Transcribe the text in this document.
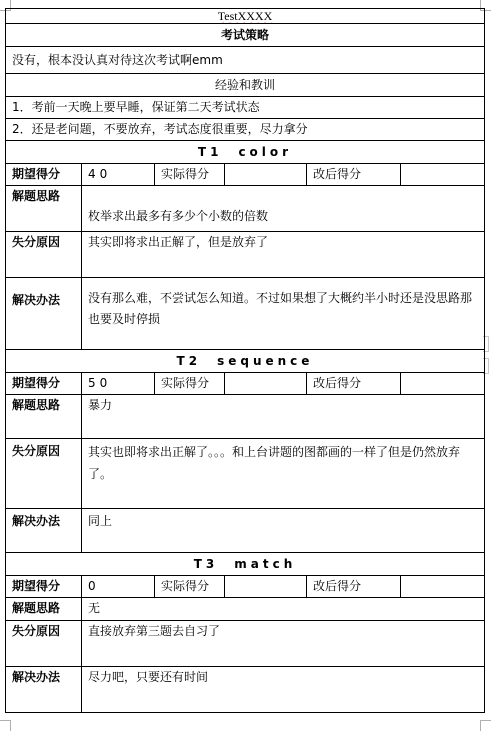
TestXXXX					
考试策略					
没有，根本没认真对待这次考试啊emm					
经验和教训					
1．考前一天晚上要早睡，保证第二天考试状态					
2．还是老问题，不要放弃，考试态度很重要，尽力拿分					
T1　color					
期望得分	40	实际得分		改后得分	
解题思路	枚举求出最多有多少个小数的倍数				
失分原因	其实即将求出正解了，但是放弃了				
解决办法	没有那么难，不尝试怎么知道。不过如果想了大概约半小时还是没思路那也要及时停损				
T2　sequence					
期望得分	50	实际得分		改后得分	
解题思路	暴力				
失分原因	其实也即将求出正解了。。。和上台讲题的图都画的一样了但是仍然放弃了。				
解决办法	同上				
T3　match					
期望得分	0	实际得分		改后得分	
解题思路	无				
失分原因	直接放弃第三题去自习了				
解决办法	尽力吧，只要还有时间				
